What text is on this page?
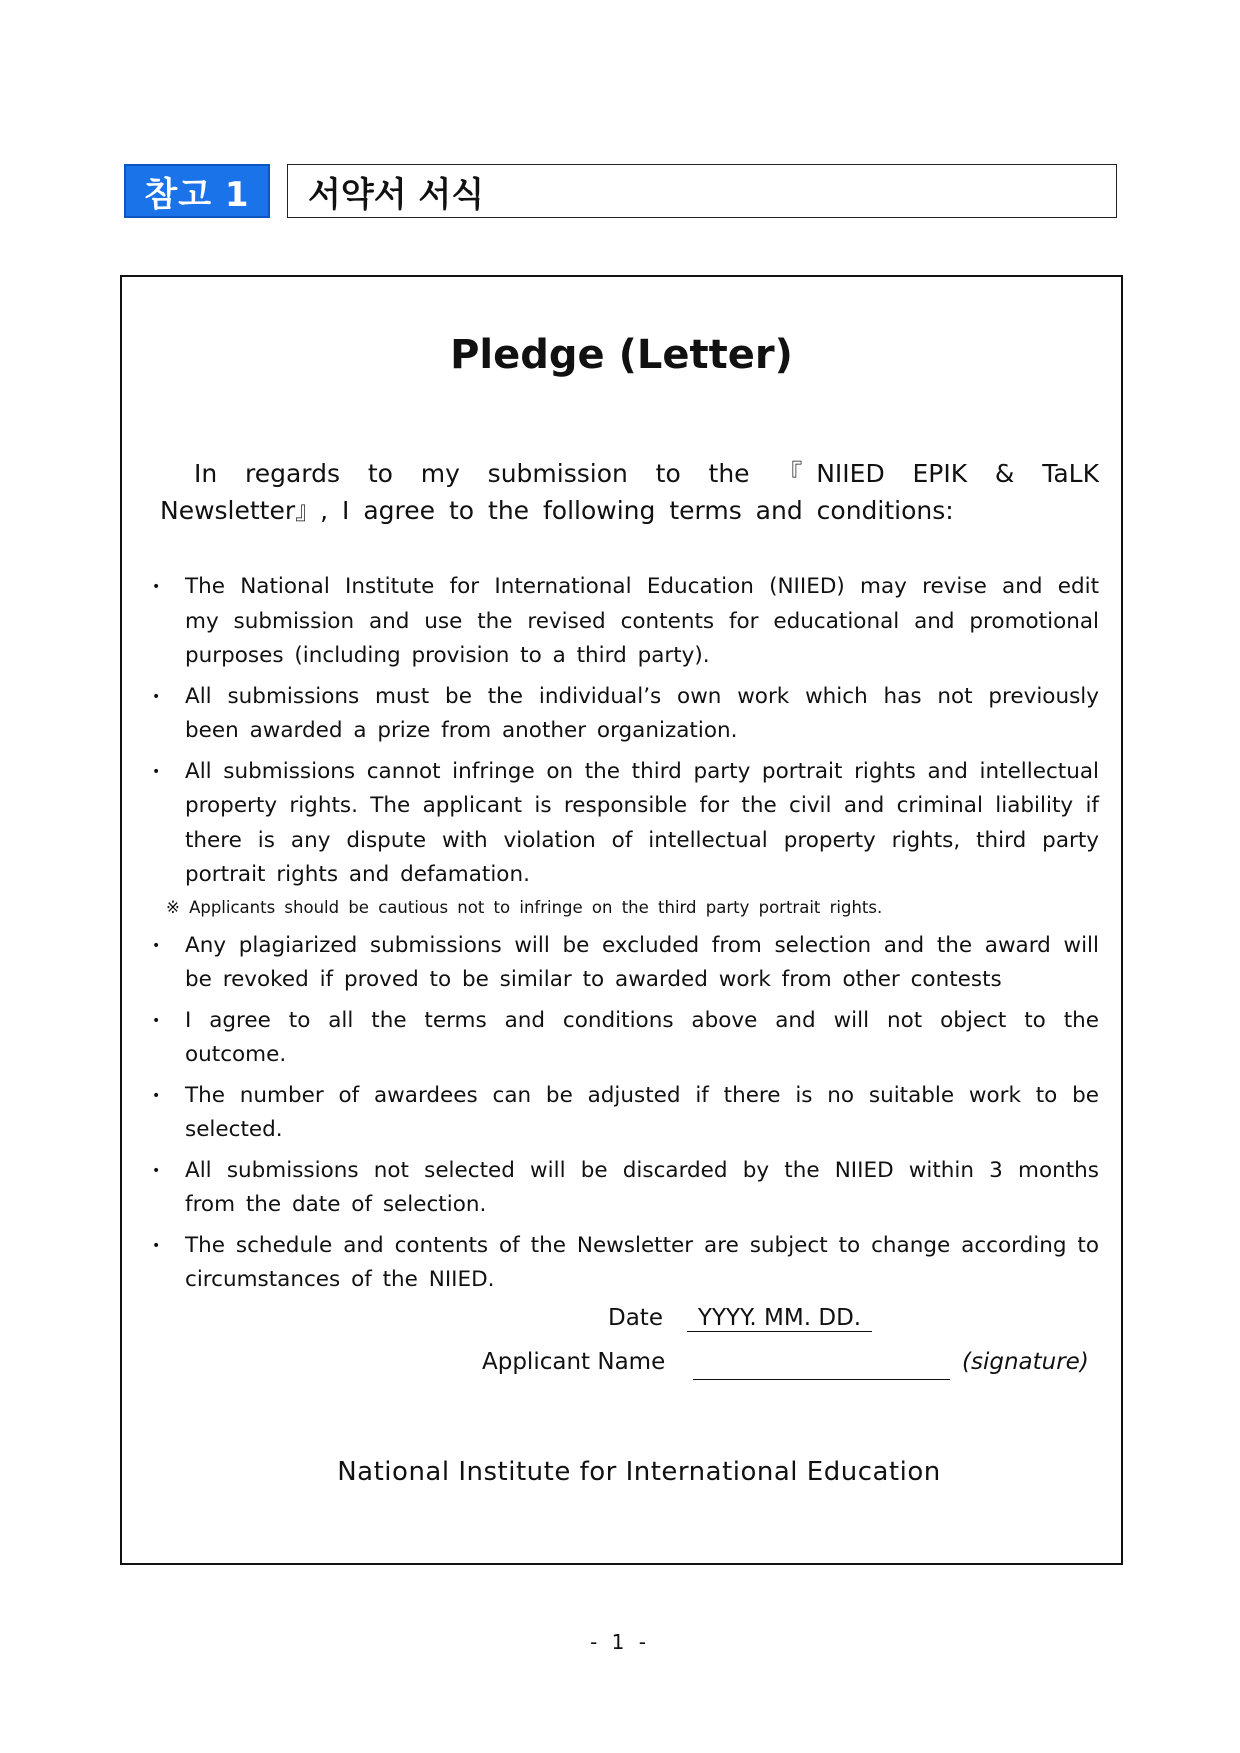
참고 1	서약서 서식
Pledge (Letter)
In regards to my submission to the 『NIIED EPIK & TaLK Newsletter』, I agree to the following terms and conditions:
• The National Institute for International Education (NIIED) may revise and edit my submission and use the revised contents for educational and promotional purposes (including provision to a third party).
• All submissions must be the individual’s own work which has not previously been awarded a prize from another organization.
• All submissions cannot infringe on the third party portrait rights and intellectual property rights. The applicant is responsible for the civil and criminal liability if there is any dispute with violation of intellectual property rights, third party portrait rights and defamation.
※ Applicants should be cautious not to infringe on the third party portrait rights.
• Any plagiarized submissions will be excluded from selection and the award will be revoked if proved to be similar to awarded work from other contests
• I agree to all the terms and conditions above and will not object to the outcome.
• The number of awardees can be adjusted if there is no suitable work to be selected.
• All submissions not selected will be discarded by the NIIED within 3 months from the date of selection.
• The schedule and contents of the Newsletter are subject to change according to circumstances of the NIIED.
Date	YYYY. MM. DD.
Applicant Name	(signature)
National Institute for International Education
- 1 -
